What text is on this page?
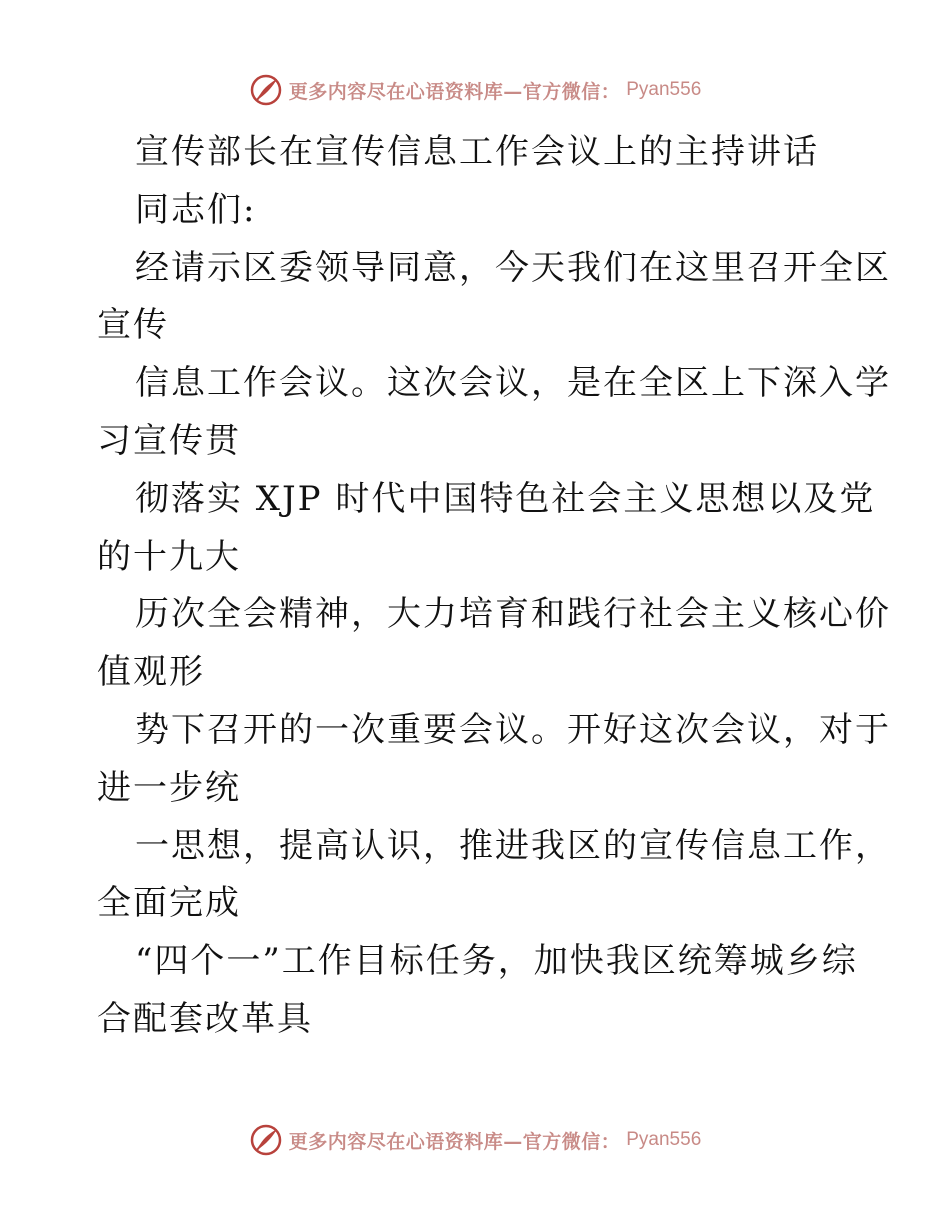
更多内容尽在心语资料库—官方微信： Pyan556
宣传部长在宣传信息工作会议上的主持讲话
同志们:
经请示区委领导同意，今天我们在这里召开全区
宣传
信息工作会议。这次会议，是在全区上下深入学
习宣传贯
彻落实 XJP 时代中国特色社会主义思想以及党
的十九大
历次全会精神，大力培育和践行社会主义核心价
值观形
势下召开的一次重要会议。开好这次会议，对于
进一步统
一思想，提高认识，推进我区的宣传信息工作，
全面完成
“四个一”工作目标任务，加快我区统筹城乡综
合配套改革具
更多内容尽在心语资料库—官方微信： Pyan556
